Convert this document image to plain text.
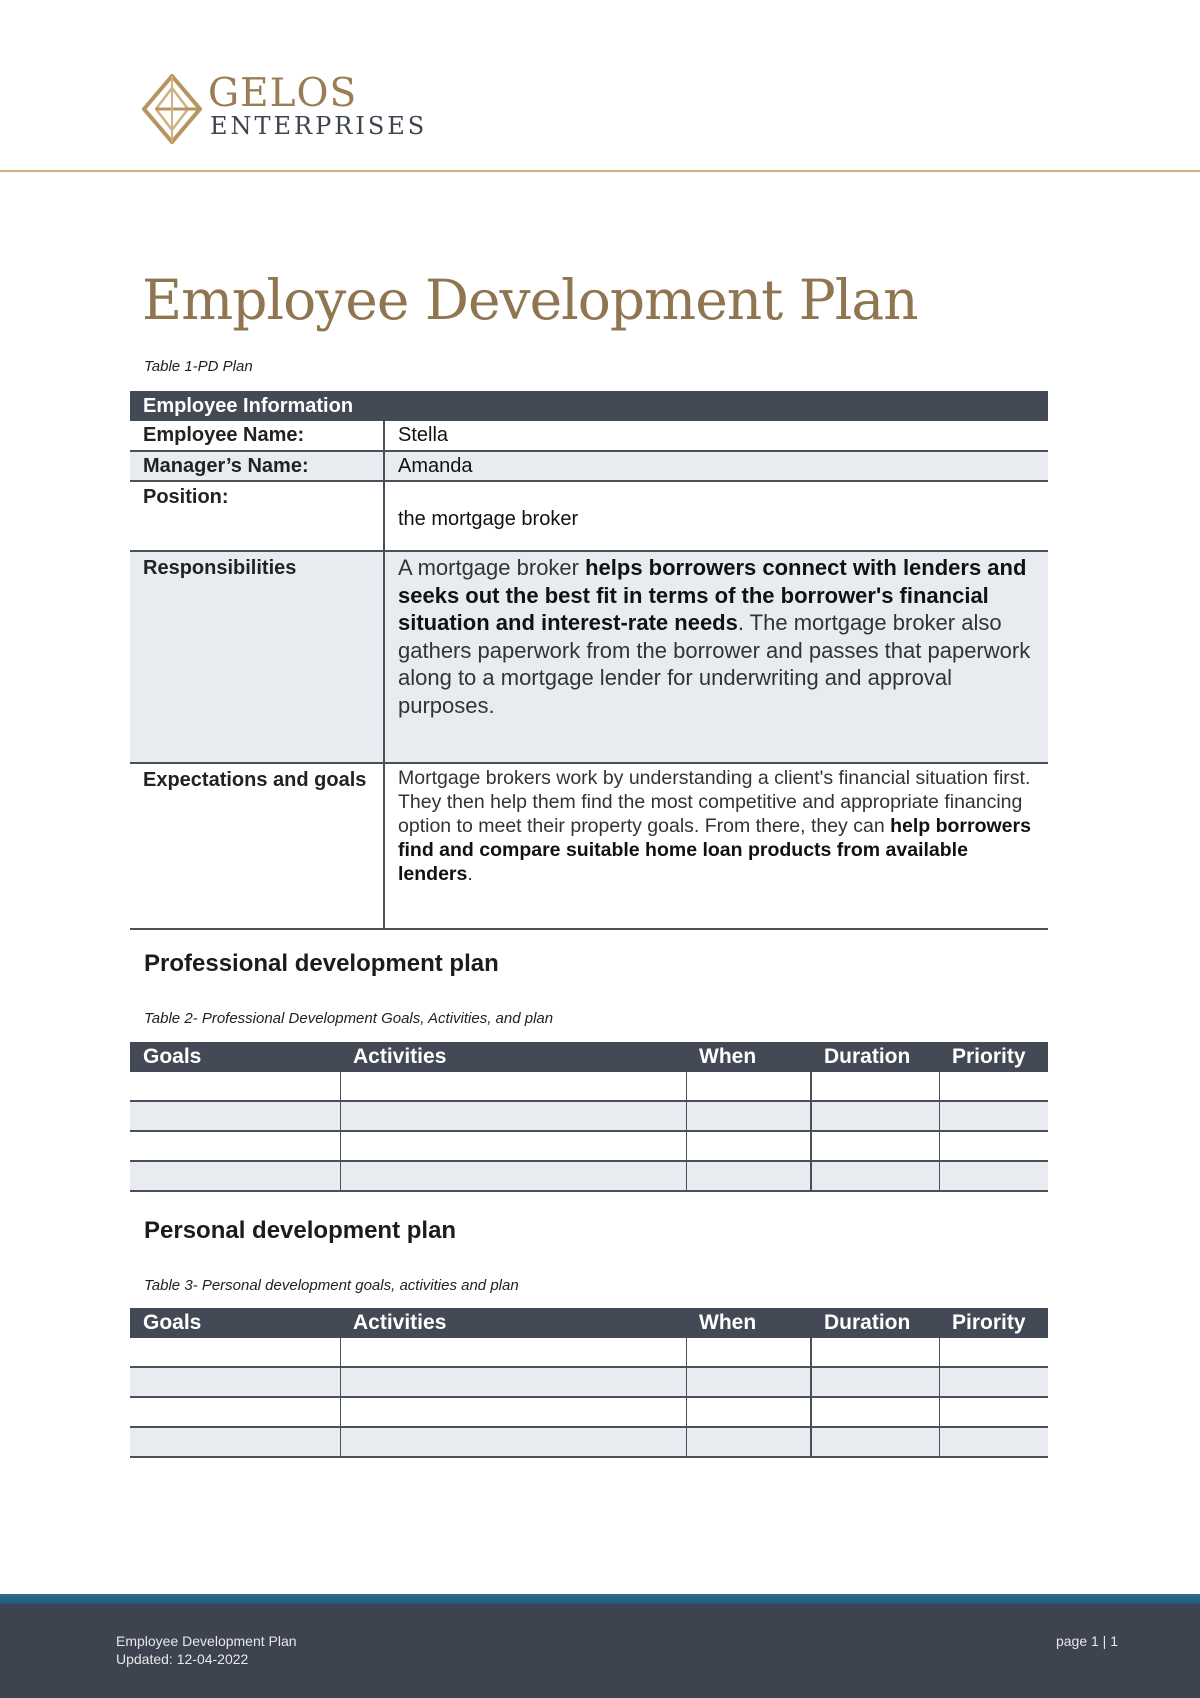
GELOS
ENTERPRISES
Employee Development Plan
Table 1-PD Plan
Employee Information	
Employee Name:	Stella
Manager’s Name:	Amanda
Position:	the mortgage broker
Responsibilities	A mortgage broker helps borrowers connect with lenders and seeks out the best fit in terms of the borrower's financial situation and interest-rate needs. The mortgage broker also gathers paperwork from the borrower and passes that paperwork along to a mortgage lender for underwriting and approval purposes.
Expectations and goals	Mortgage brokers work by understanding a client's financial situation first. They then help them find the most competitive and appropriate financing option to meet their property goals. From there, they can help borrowers find and compare suitable home loan products from available lenders.
Professional development plan
Table 2- Professional Development Goals, Activities, and plan
Goals	Activities	When	Duration	Priority

Personal development plan
Table 3- Personal development goals, activities and plan
Goals	Activities	When	Duration	Pirority

Employee Development Plan
Updated: 12-04-2022
page 1 | 1
